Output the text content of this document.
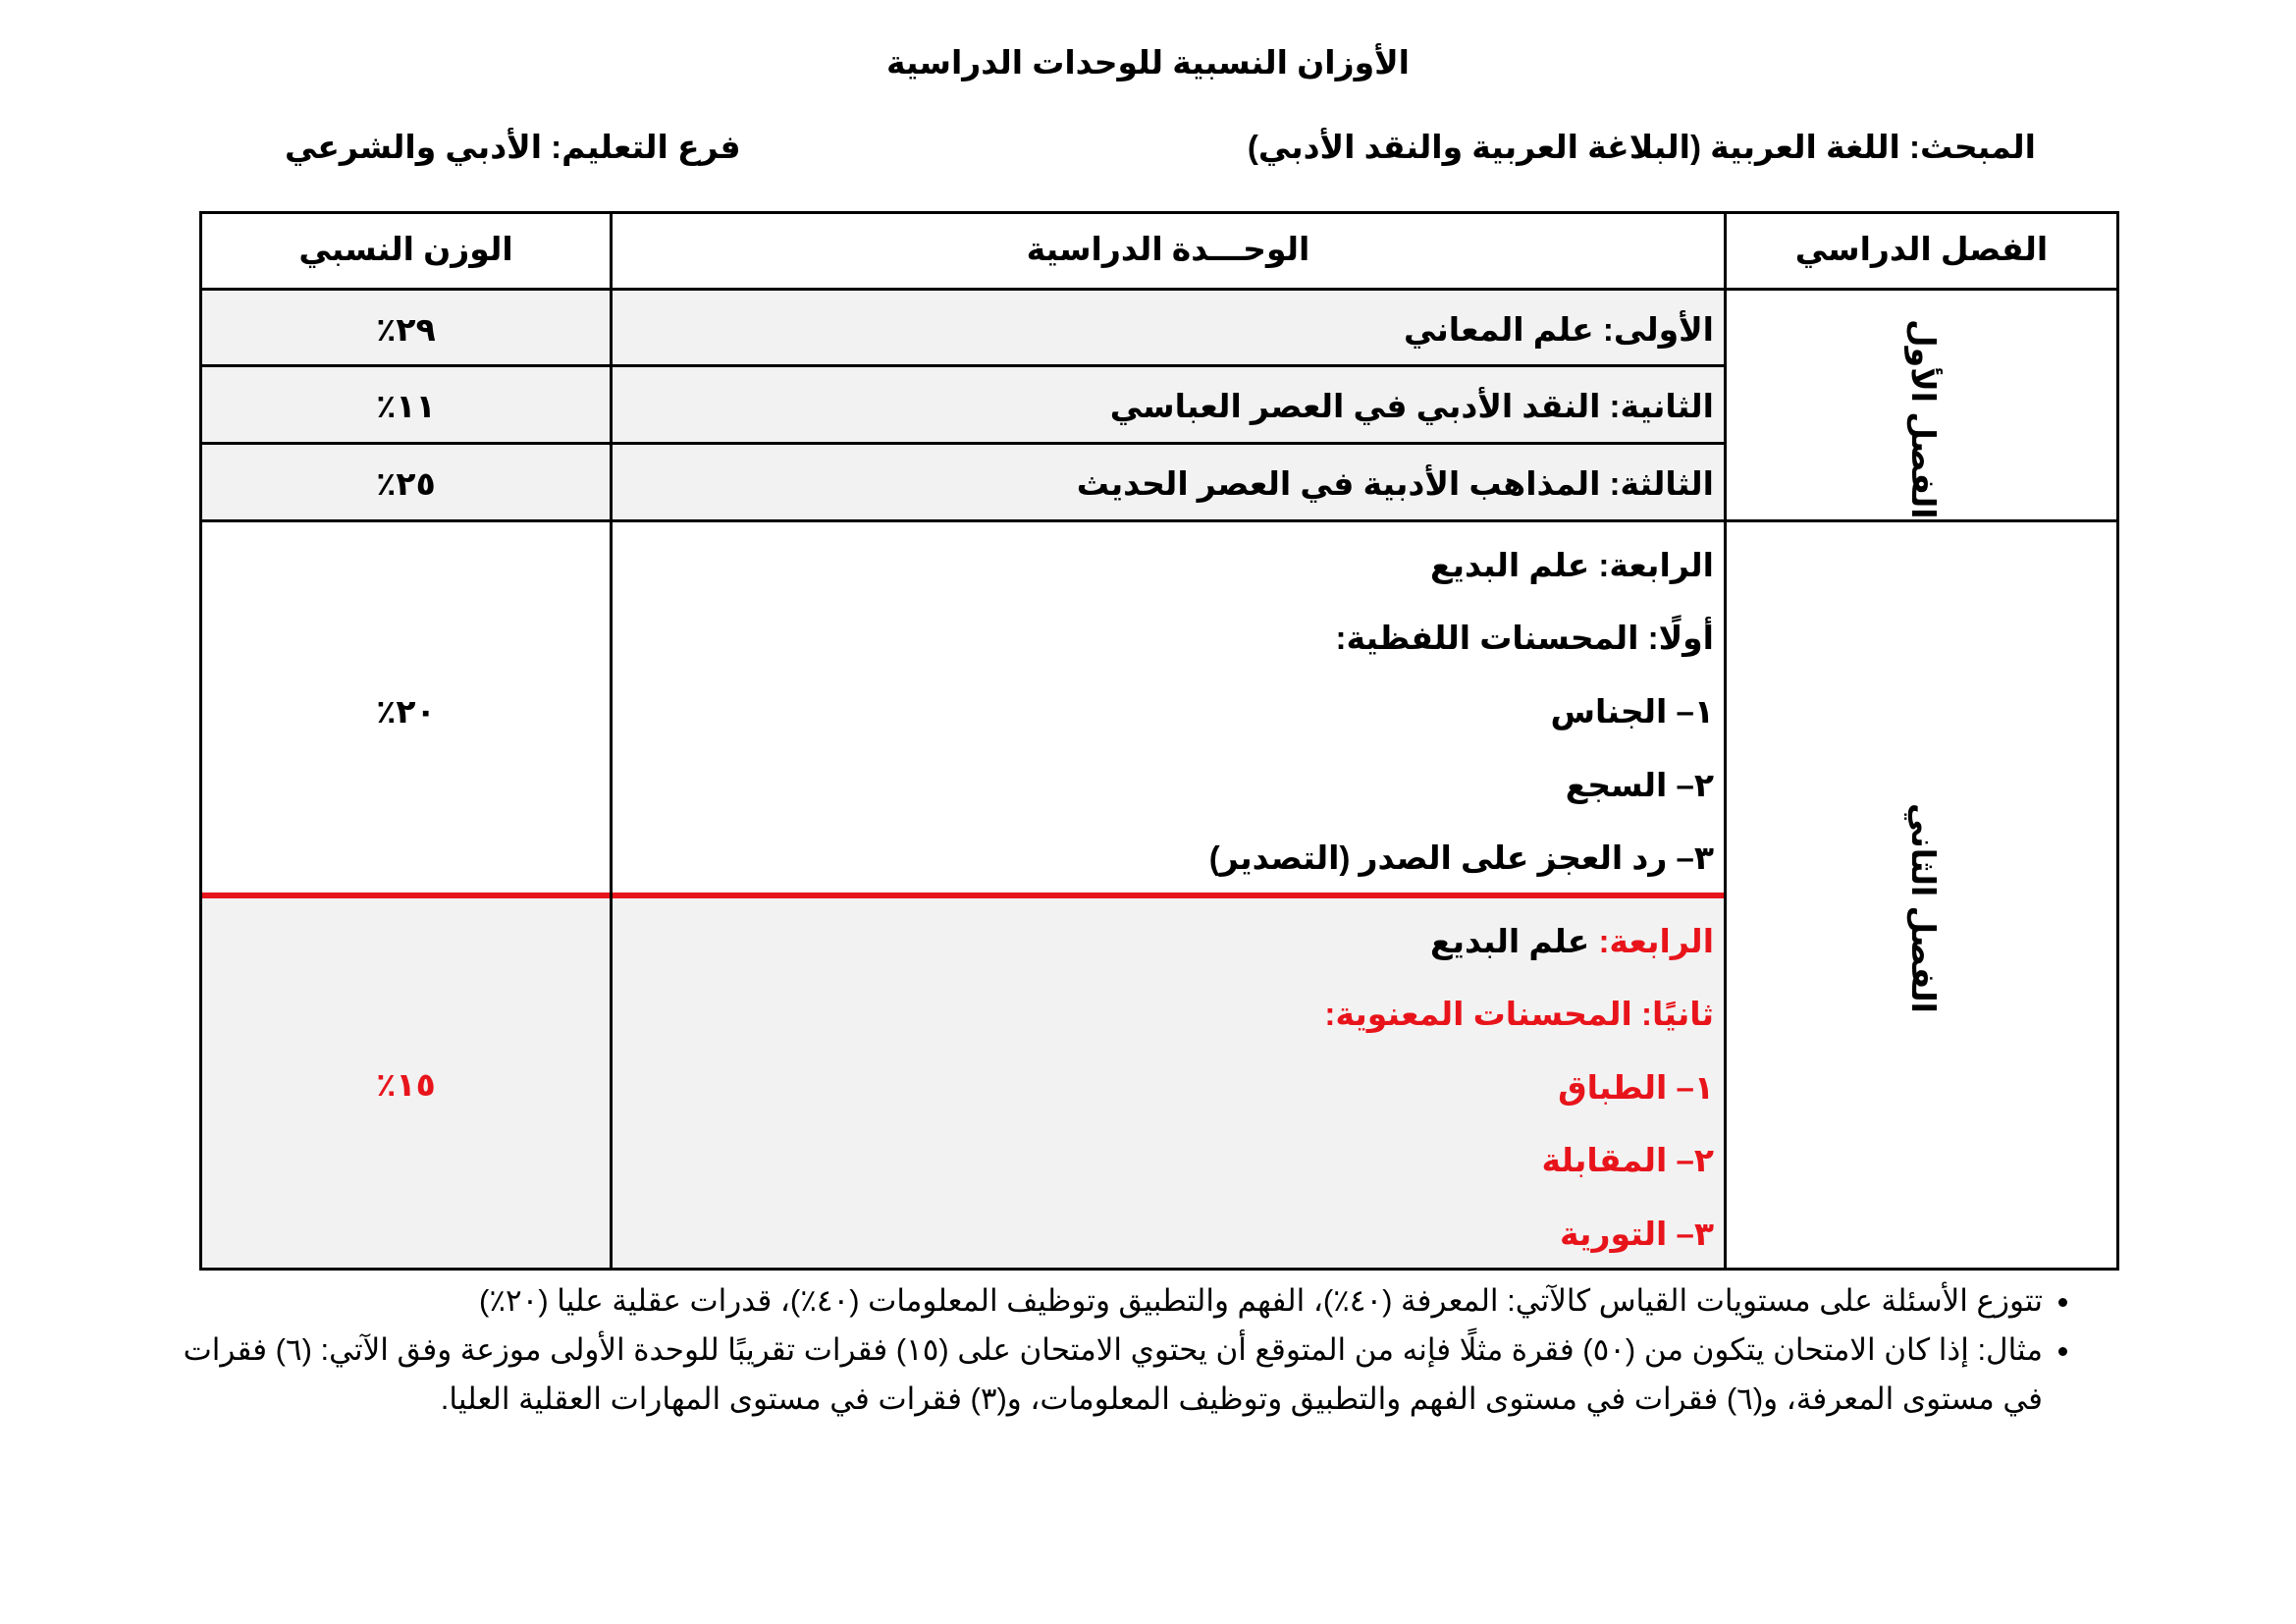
الأوزان النسبية للوحدات الدراسية
المبحث: اللغة العربية (البلاغة العربية والنقد الأدبي)
فرع التعليم: الأدبي والشرعي
الفصل الدراسي
الوحـــدة الدراسية
الوزن النسبي
الفصل الأول
الفصل الثاني
الأولى: علم المعاني
٢٩٪
الثانية: النقد الأدبي في العصر العباسي
١١٪
الثالثة: المذاهب الأدبية في العصر الحديث
٢٥٪
الرابعة: علم البديع
أولًا: المحسنات اللفظية:
١– الجناس
٢– السجع
٣– رد العجز على الصدر (التصدير)
٢٠٪
الرابعة: علم البديع
ثانيًا: المحسنات المعنوية:
١– الطباق
٢– المقابلة
٣– التورية
١٥٪
• تتوزع الأسئلة على مستويات القياس كالآتي: المعرفة (٤٠٪)، الفهم والتطبيق وتوظيف المعلومات (٤٠٪)، قدرات عقلية عليا (٢٠٪)
• مثال: إذا كان الامتحان يتكون من (٥٠) فقرة مثلًا فإنه من المتوقع أن يحتوي الامتحان على (١٥) فقرات تقريبًا للوحدة الأولى موزعة وفق الآتي: (٦) فقرات في مستوى المعرفة، و(٦) فقرات في مستوى الفهم والتطبيق وتوظيف المعلومات، و(٣) فقرات في مستوى المهارات العقلية العليا.
